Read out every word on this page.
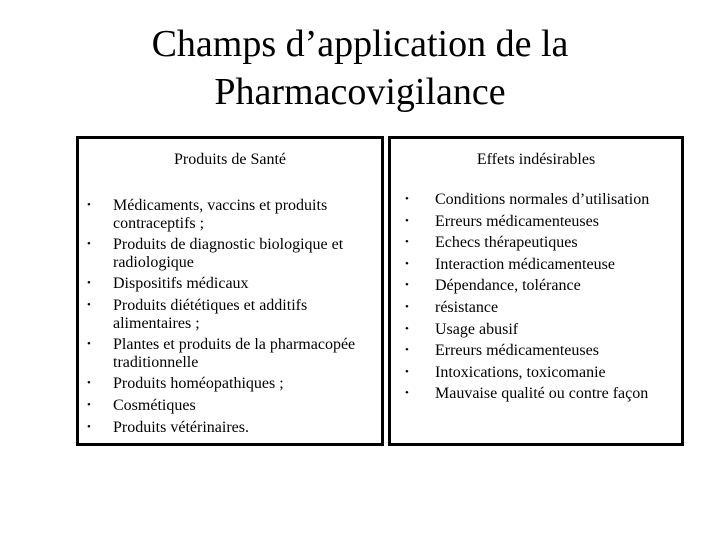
Champs d’application de la
Pharmacovigilance
Produits de Santé
• Médicaments, vaccins et produits contraceptifs ;
• Produits de diagnostic biologique et radiologique
• Dispositifs médicaux
• Produits diététiques et additifs alimentaires ;
• Plantes et produits de la pharmacopée traditionnelle
• Produits homéopathiques ;
• Cosmétiques
• Produits vétérinaires.
Effets indésirables
• Conditions normales d’utilisation
• Erreurs médicamenteuses
• Echecs thérapeutiques
• Interaction médicamenteuse
• Dépendance, tolérance
• résistance
• Usage abusif
• Erreurs médicamenteuses
• Intoxications, toxicomanie
• Mauvaise qualité ou contre façon
